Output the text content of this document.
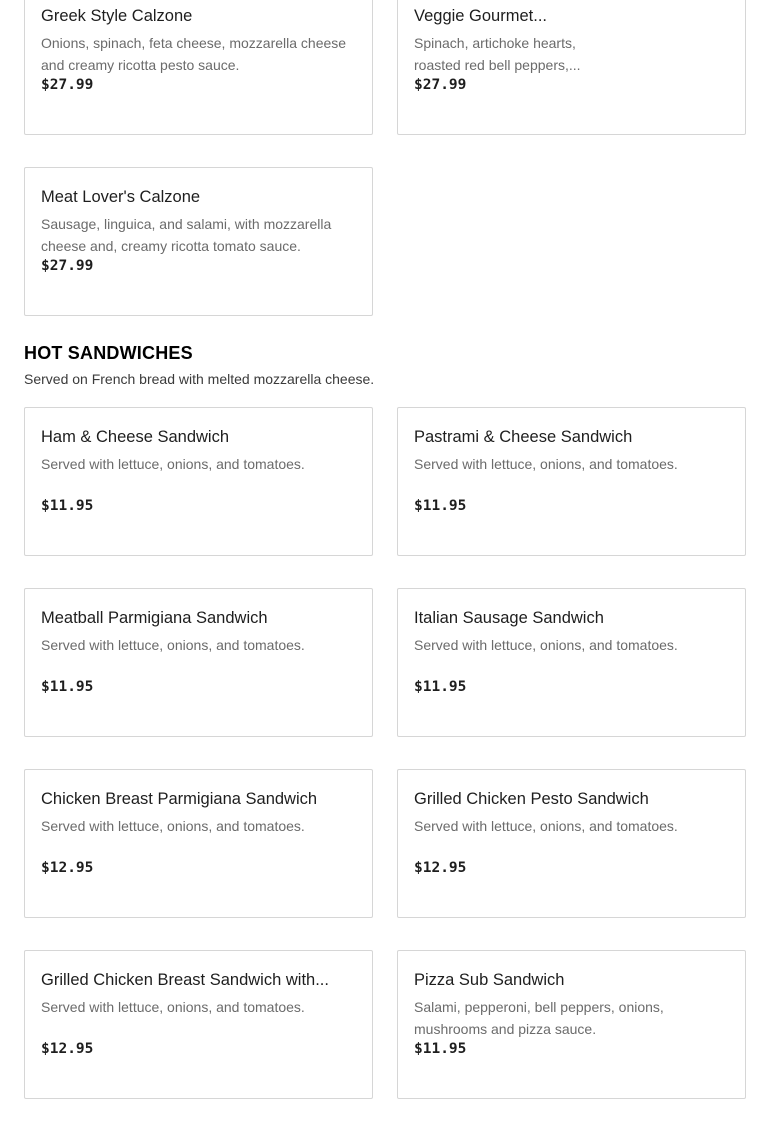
Greek Style Calzone
Onions, spinach, feta cheese, mozzarella cheese and creamy ricotta pesto sauce.
$27.99
Veggie Gourmet...
Spinach, artichoke hearts, roasted red bell peppers,...
$27.99
Meat Lover's Calzone
Sausage, linguica, and salami, with mozzarella cheese and, creamy ricotta tomato sauce.
$27.99
HOT SANDWICHES
Served on French bread with melted mozzarella cheese.
Ham & Cheese Sandwich
Served with lettuce, onions, and tomatoes.
$11.95
Pastrami & Cheese Sandwich
Served with lettuce, onions, and tomatoes.
$11.95
Meatball Parmigiana Sandwich
Served with lettuce, onions, and tomatoes.
$11.95
Italian Sausage Sandwich
Served with lettuce, onions, and tomatoes.
$11.95
Chicken Breast Parmigiana Sandwich
Served with lettuce, onions, and tomatoes.
$12.95
Grilled Chicken Pesto Sandwich
Served with lettuce, onions, and tomatoes.
$12.95
Grilled Chicken Breast Sandwich with...
Served with lettuce, onions, and tomatoes.
$12.95
Pizza Sub Sandwich
Salami, pepperoni, bell peppers, onions, mushrooms and pizza sauce.
$11.95
